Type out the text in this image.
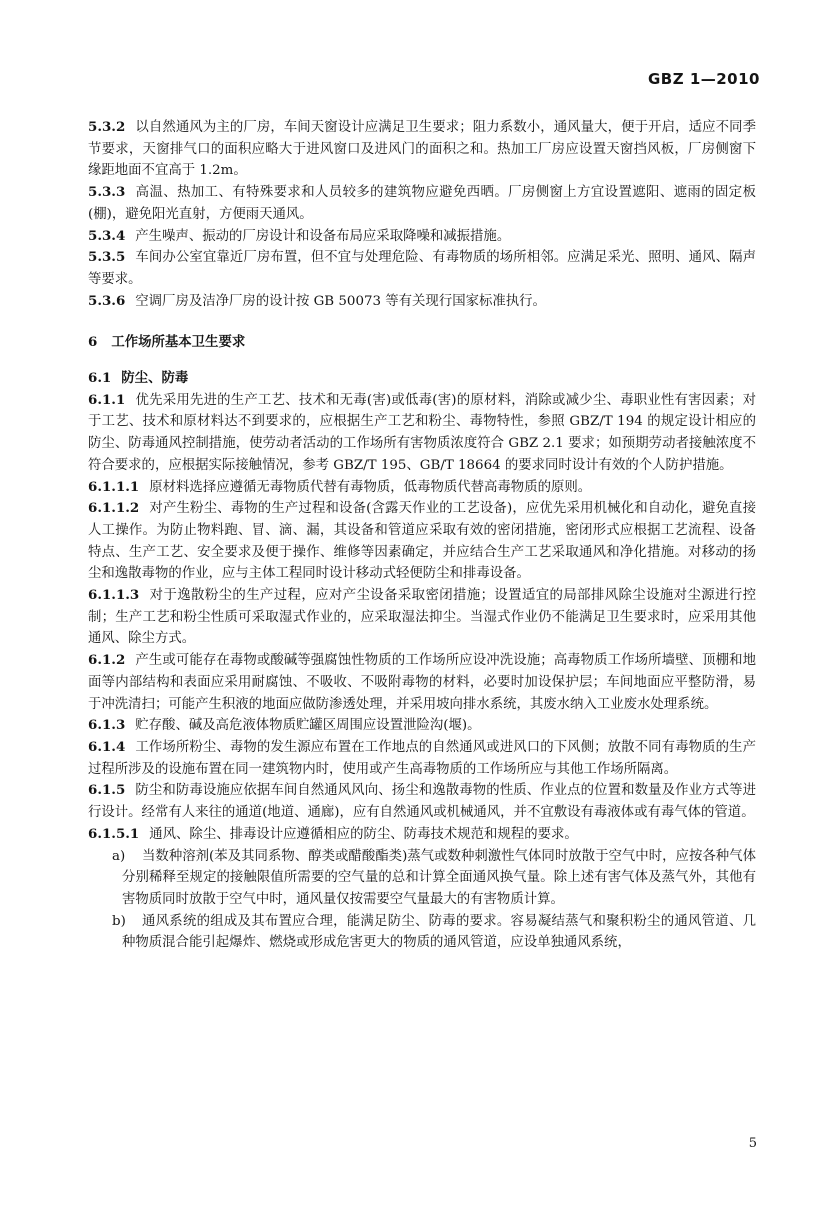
GBZ 1—2010

5.3.2 以自然通风为主的厂房，车间天窗设计应满足卫生要求；阻力系数小，通风量大，便于开启，适应不同季节要求，天窗排气口的面积应略大于进风窗口及进风门的面积之和。热加工厂房应设置天窗挡风板，厂房侧窗下缘距地面不宜高于 1.2m。

5.3.3 高温、热加工、有特殊要求和人员较多的建筑物应避免西晒。厂房侧窗上方宜设置遮阳、遮雨的固定板(棚)，避免阳光直射，方便雨天通风。

5.3.4 产生噪声、振动的厂房设计和设备布局应采取降噪和减振措施。

5.3.5 车间办公室宜靠近厂房布置，但不宜与处理危险、有毒物质的场所相邻。应满足采光、照明、通风、隔声等要求。

5.3.6 空调厂房及洁净厂房的设计按 GB 50073 等有关现行国家标准执行。

6 工作场所基本卫生要求

6.1 防尘、防毒

6.1.1 优先采用先进的生产工艺、技术和无毒(害)或低毒(害)的原材料，消除或减少尘、毒职业性有害因素；对于工艺、技术和原材料达不到要求的，应根据生产工艺和粉尘、毒物特性，参照 GBZ/T 194 的规定设计相应的防尘、防毒通风控制措施，使劳动者活动的工作场所有害物质浓度符合 GBZ 2.1 要求；如预期劳动者接触浓度不符合要求的，应根据实际接触情况，参考 GBZ/T 195、GB/T 18664 的要求同时设计有效的个人防护措施。

6.1.1.1 原材料选择应遵循无毒物质代替有毒物质，低毒物质代替高毒物质的原则。

6.1.1.2 对产生粉尘、毒物的生产过程和设备(含露天作业的工艺设备)，应优先采用机械化和自动化，避免直接人工操作。为防止物料跑、冒、滴、漏，其设备和管道应采取有效的密闭措施，密闭形式应根据工艺流程、设备特点、生产工艺、安全要求及便于操作、维修等因素确定，并应结合生产工艺采取通风和净化措施。对移动的扬尘和逸散毒物的作业，应与主体工程同时设计移动式轻便防尘和排毒设备。

6.1.1.3 对于逸散粉尘的生产过程，应对产尘设备采取密闭措施；设置适宜的局部排风除尘设施对尘源进行控制；生产工艺和粉尘性质可采取湿式作业的，应采取湿法抑尘。当湿式作业仍不能满足卫生要求时，应采用其他通风、除尘方式。

6.1.2 产生或可能存在毒物或酸碱等强腐蚀性物质的工作场所应设冲洗设施；高毒物质工作场所墙壁、顶棚和地面等内部结构和表面应采用耐腐蚀、不吸收、不吸附毒物的材料，必要时加设保护层；车间地面应平整防滑，易于冲洗清扫；可能产生积液的地面应做防渗透处理，并采用坡向排水系统，其废水纳入工业废水处理系统。

6.1.3 贮存酸、碱及高危液体物质贮罐区周围应设置泄险沟(堰)。

6.1.4 工作场所粉尘、毒物的发生源应布置在工作地点的自然通风或进风口的下风侧；放散不同有毒物质的生产过程所涉及的设施布置在同一建筑物内时，使用或产生高毒物质的工作场所应与其他工作场所隔离。

6.1.5 防尘和防毒设施应依据车间自然通风风向、扬尘和逸散毒物的性质、作业点的位置和数量及作业方式等进行设计。经常有人来往的通道(地道、通廊)，应有自然通风或机械通风，并不宜敷设有毒液体或有毒气体的管道。

6.1.5.1 通风、除尘、排毒设计应遵循相应的防尘、防毒技术规范和规程的要求。

a) 当数种溶剂(苯及其同系物、醇类或醋酸酯类)蒸气或数种刺激性气体同时放散于空气中时，应按各种气体分别稀释至规定的接触限值所需要的空气量的总和计算全面通风换气量。除上述有害气体及蒸气外，其他有害物质同时放散于空气中时，通风量仅按需要空气量最大的有害物质计算。

b) 通风系统的组成及其布置应合理，能满足防尘、防毒的要求。容易凝结蒸气和聚积粉尘的通风管道、几种物质混合能引起爆炸、燃烧或形成危害更大的物质的通风管道，应设单独通风系统，

5
